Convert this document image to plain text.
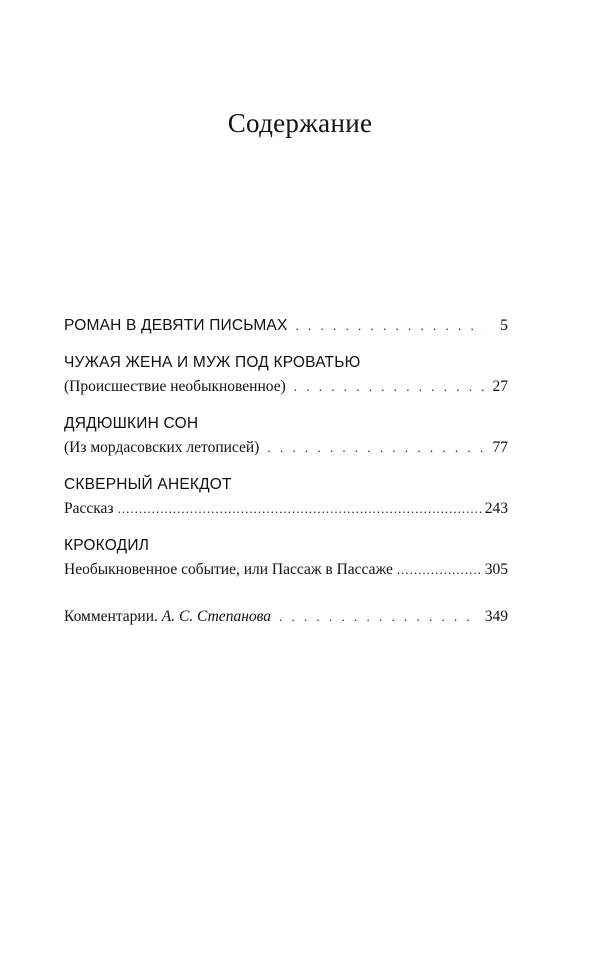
Содержание
РОМАН В ДЕВЯТИ ПИСЬМАХ . . .	5
ЧУЖАЯ ЖЕНА И МУЖ ПОД КРОВАТЬЮ
(Происшествие необыкновенное) . . .	27
ДЯДЮШКИН СОН
(Из мордасовских летописей) . . .	77
СКВЕРНЫЙ АНЕКДОТ
Рассказ .....	243
КРОКОДИЛ
Необыкновенное событие, или Пассаж в Пассаже .....	305
Комментарии. А. С. Степанова . . .	349
